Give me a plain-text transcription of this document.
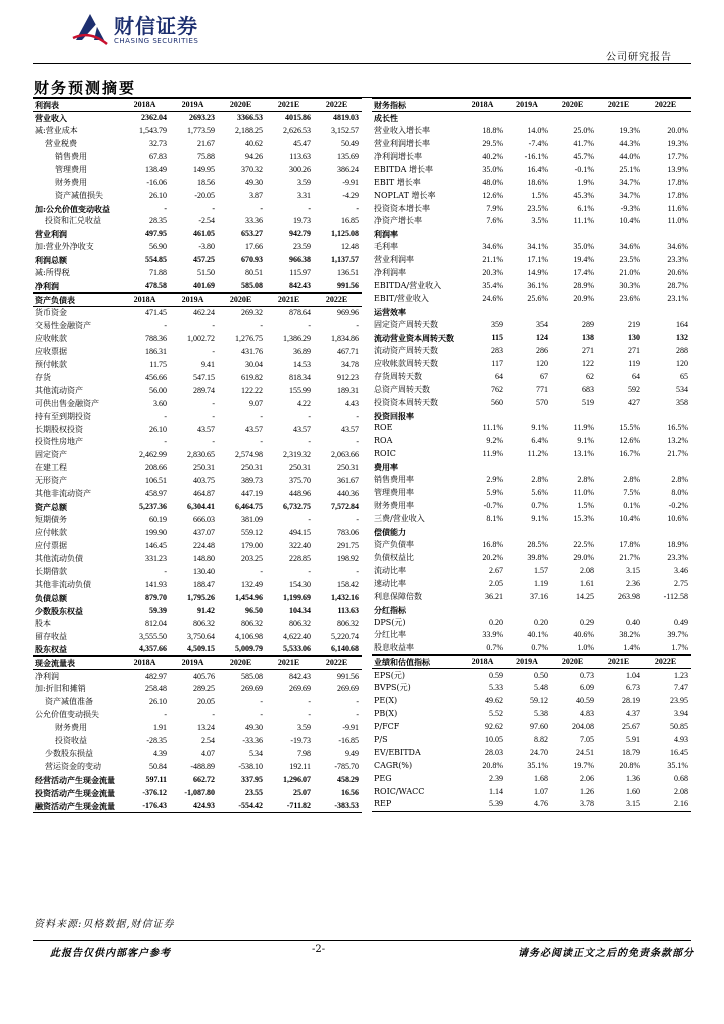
财信证券
CHASING SECURITIES
公司研究报告
财务预测摘要
利润表	2018A	2019A	2020E	2021E	2022E
营业收入	2362.04	2693.23	3366.53	4015.86	4819.03
减:营业成本	1,543.79	1,773.59	2,188.25	2,626.53	3,152.57
营业税费	32.73	21.67	40.62	45.47	50.49
销售费用	67.83	75.88	94.26	113.63	135.69
管理费用	138.49	149.95	370.32	300.26	386.24
财务费用	-16.06	18.56	49.30	3.59	-9.91
资产减值损失	26.10	-20.05	3.87	3.31	-4.29
加:公允价值变动收益	-	-	-	-	-
投资和汇兑收益	28.35	-2.54	33.36	19.73	16.85
营业利润	497.95	461.05	653.27	942.79	1,125.08
加:营业外净收支	56.90	-3.80	17.66	23.59	12.48
利润总额	554.85	457.25	670.93	966.38	1,137.57
减:所得税	71.88	51.50	80.51	115.97	136.51
净利润	478.58	401.69	585.08	842.43	991.56
资产负债表	2018A	2019A	2020E	2021E	2022E
货币资金	471.45	462.24	269.32	878.64	969.96
交易性金融资产	-	-	-	-	-
应收帐款	788.36	1,002.72	1,276.75	1,386.29	1,834.86
应收票据	186.31	-	431.76	36.89	467.71
预付帐款	11.75	9.41	30.04	14.53	34.78
存货	456.66	547.15	619.82	818.34	912.23
其他流动资产	56.00	289.74	122.22	155.99	189.31
可供出售金融资产	3.60	-	9.07	4.22	4.43
持有至到期投资	-	-	-	-	-
长期股权投资	26.10	43.57	43.57	43.57	43.57
投资性房地产	-	-	-	-	-
固定资产	2,462.99	2,830.65	2,574.98	2,319.32	2,063.66
在建工程	208.66	250.31	250.31	250.31	250.31
无形资产	106.51	403.75	389.73	375.70	361.67
其他非流动资产	458.97	464.87	447.19	448.96	440.36
资产总额	5,237.36	6,304.41	6,464.75	6,732.75	7,572.84
短期债务	60.19	666.03	381.09	-	-
应付帐款	199.90	437.07	559.12	494.15	783.06
应付票据	146.45	224.48	179.00	322.40	291.75
其他流动负债	331.23	148.80	203.25	228.85	198.92
长期借款	-	130.40	-	-	-
其他非流动负债	141.93	188.47	132.49	154.30	158.42
负债总额	879.70	1,795.26	1,454.96	1,199.69	1,432.16
少数股东权益	59.39	91.42	96.50	104.34	113.63
股本	812.04	806.32	806.32	806.32	806.32
留存收益	3,555.50	3,750.64	4,106.98	4,622.40	5,220.74
股东权益	4,357.66	4,509.15	5,009.79	5,533.06	6,140.68
现金流量表	2018A	2019A	2020E	2021E	2022E
净利润	482.97	405.76	585.08	842.43	991.56
加:折旧和摊销	258.48	289.25	269.69	269.69	269.69
资产减值准备	26.10	20.05	-	-	-
公允价值变动损失	-	-	-	-	-
财务费用	1.91	13.24	49.30	3.59	-9.91
投资收益	-28.35	2.54	-33.36	-19.73	-16.85
少数股东损益	4.39	4.07	5.34	7.98	9.49
营运资金的变动	50.84	-488.89	-538.10	192.11	-785.70
经营活动产生现金流量	597.11	662.72	337.95	1,296.07	458.29
投资活动产生现金流量	-376.12	-1,087.80	23.55	25.07	16.56
融资活动产生现金流量	-176.43	424.93	-554.42	-711.82	-383.53
财务指标	2018A	2019A	2020E	2021E	2022E
成长性					
营业收入增长率	18.8%	14.0%	25.0%	19.3%	20.0%
营业利润增长率	29.5%	-7.4%	41.7%	44.3%	19.3%
净利润增长率	40.2%	-16.1%	45.7%	44.0%	17.7%
EBITDA 增长率	35.0%	16.4%	-0.1%	25.1%	13.9%
EBIT 增长率	48.0%	18.6%	1.9%	34.7%	17.8%
NOPLAT 增长率	12.6%	1.5%	45.3%	34.7%	17.8%
投资资本增长率	7.9%	23.5%	6.1%	-9.3%	11.6%
净资产增长率	7.6%	3.5%	11.1%	10.4%	11.0%
利润率					
毛利率	34.6%	34.1%	35.0%	34.6%	34.6%
营业利润率	21.1%	17.1%	19.4%	23.5%	23.3%
净利润率	20.3%	14.9%	17.4%	21.0%	20.6%
EBITDA/营业收入	35.4%	36.1%	28.9%	30.3%	28.7%
EBIT/营业收入	24.6%	25.6%	20.9%	23.6%	23.1%
运营效率					
固定资产周转天数	359	354	289	219	164
流动营业资本周转天数	115	124	138	130	132
流动资产周转天数	283	286	271	271	288
应收帐款周转天数	117	120	122	119	120
存货周转天数	64	67	62	64	65
总资产周转天数	762	771	683	592	534
投资资本周转天数	560	570	519	427	358
投资回报率					
ROE	11.1%	9.1%	11.9%	15.5%	16.5%
ROA	9.2%	6.4%	9.1%	12.6%	13.2%
ROIC	11.9%	11.2%	13.1%	16.7%	21.7%
费用率					
销售费用率	2.9%	2.8%	2.8%	2.8%	2.8%
管理费用率	5.9%	5.6%	11.0%	7.5%	8.0%
财务费用率	-0.7%	0.7%	1.5%	0.1%	-0.2%
三费/营业收入	8.1%	9.1%	15.3%	10.4%	10.6%
偿债能力					
资产负债率	16.8%	28.5%	22.5%	17.8%	18.9%
负债权益比	20.2%	39.8%	29.0%	21.7%	23.3%
流动比率	2.67	1.57	2.08	3.15	3.46
速动比率	2.05	1.19	1.61	2.36	2.75
利息保障倍数	36.21	37.16	14.25	263.98	-112.58
分红指标					
DPS(元)	0.20	0.20	0.29	0.40	0.49
分红比率	33.9%	40.1%	40.6%	38.2%	39.7%
股息收益率	0.7%	0.7%	1.0%	1.4%	1.7%
业绩和估值指标	2018A	2019A	2020E	2021E	2022E
EPS(元)	0.59	0.50	0.73	1.04	1.23
BVPS(元)	5.33	5.48	6.09	6.73	7.47
PE(X)	49.62	59.12	40.59	28.19	23.95
PB(X)	5.52	5.38	4.83	4.37	3.94
P/FCF	92.62	97.60	204.08	25.67	50.85
P/S	10.05	8.82	7.05	5.91	4.93
EV/EBITDA	28.03	24.70	24.51	18.79	16.45
CAGR(%)	20.8%	35.1%	19.7%	20.8%	35.1%
PEG	2.39	1.68	2.06	1.36	0.68
ROIC/WACC	1.14	1.07	1.26	1.60	2.08
REP	5.39	4.76	3.78	3.15	2.16
资料来源:贝格数据,财信证券
此报告仅供内部客户参考	-2-	请务必阅读正文之后的免责条款部分
